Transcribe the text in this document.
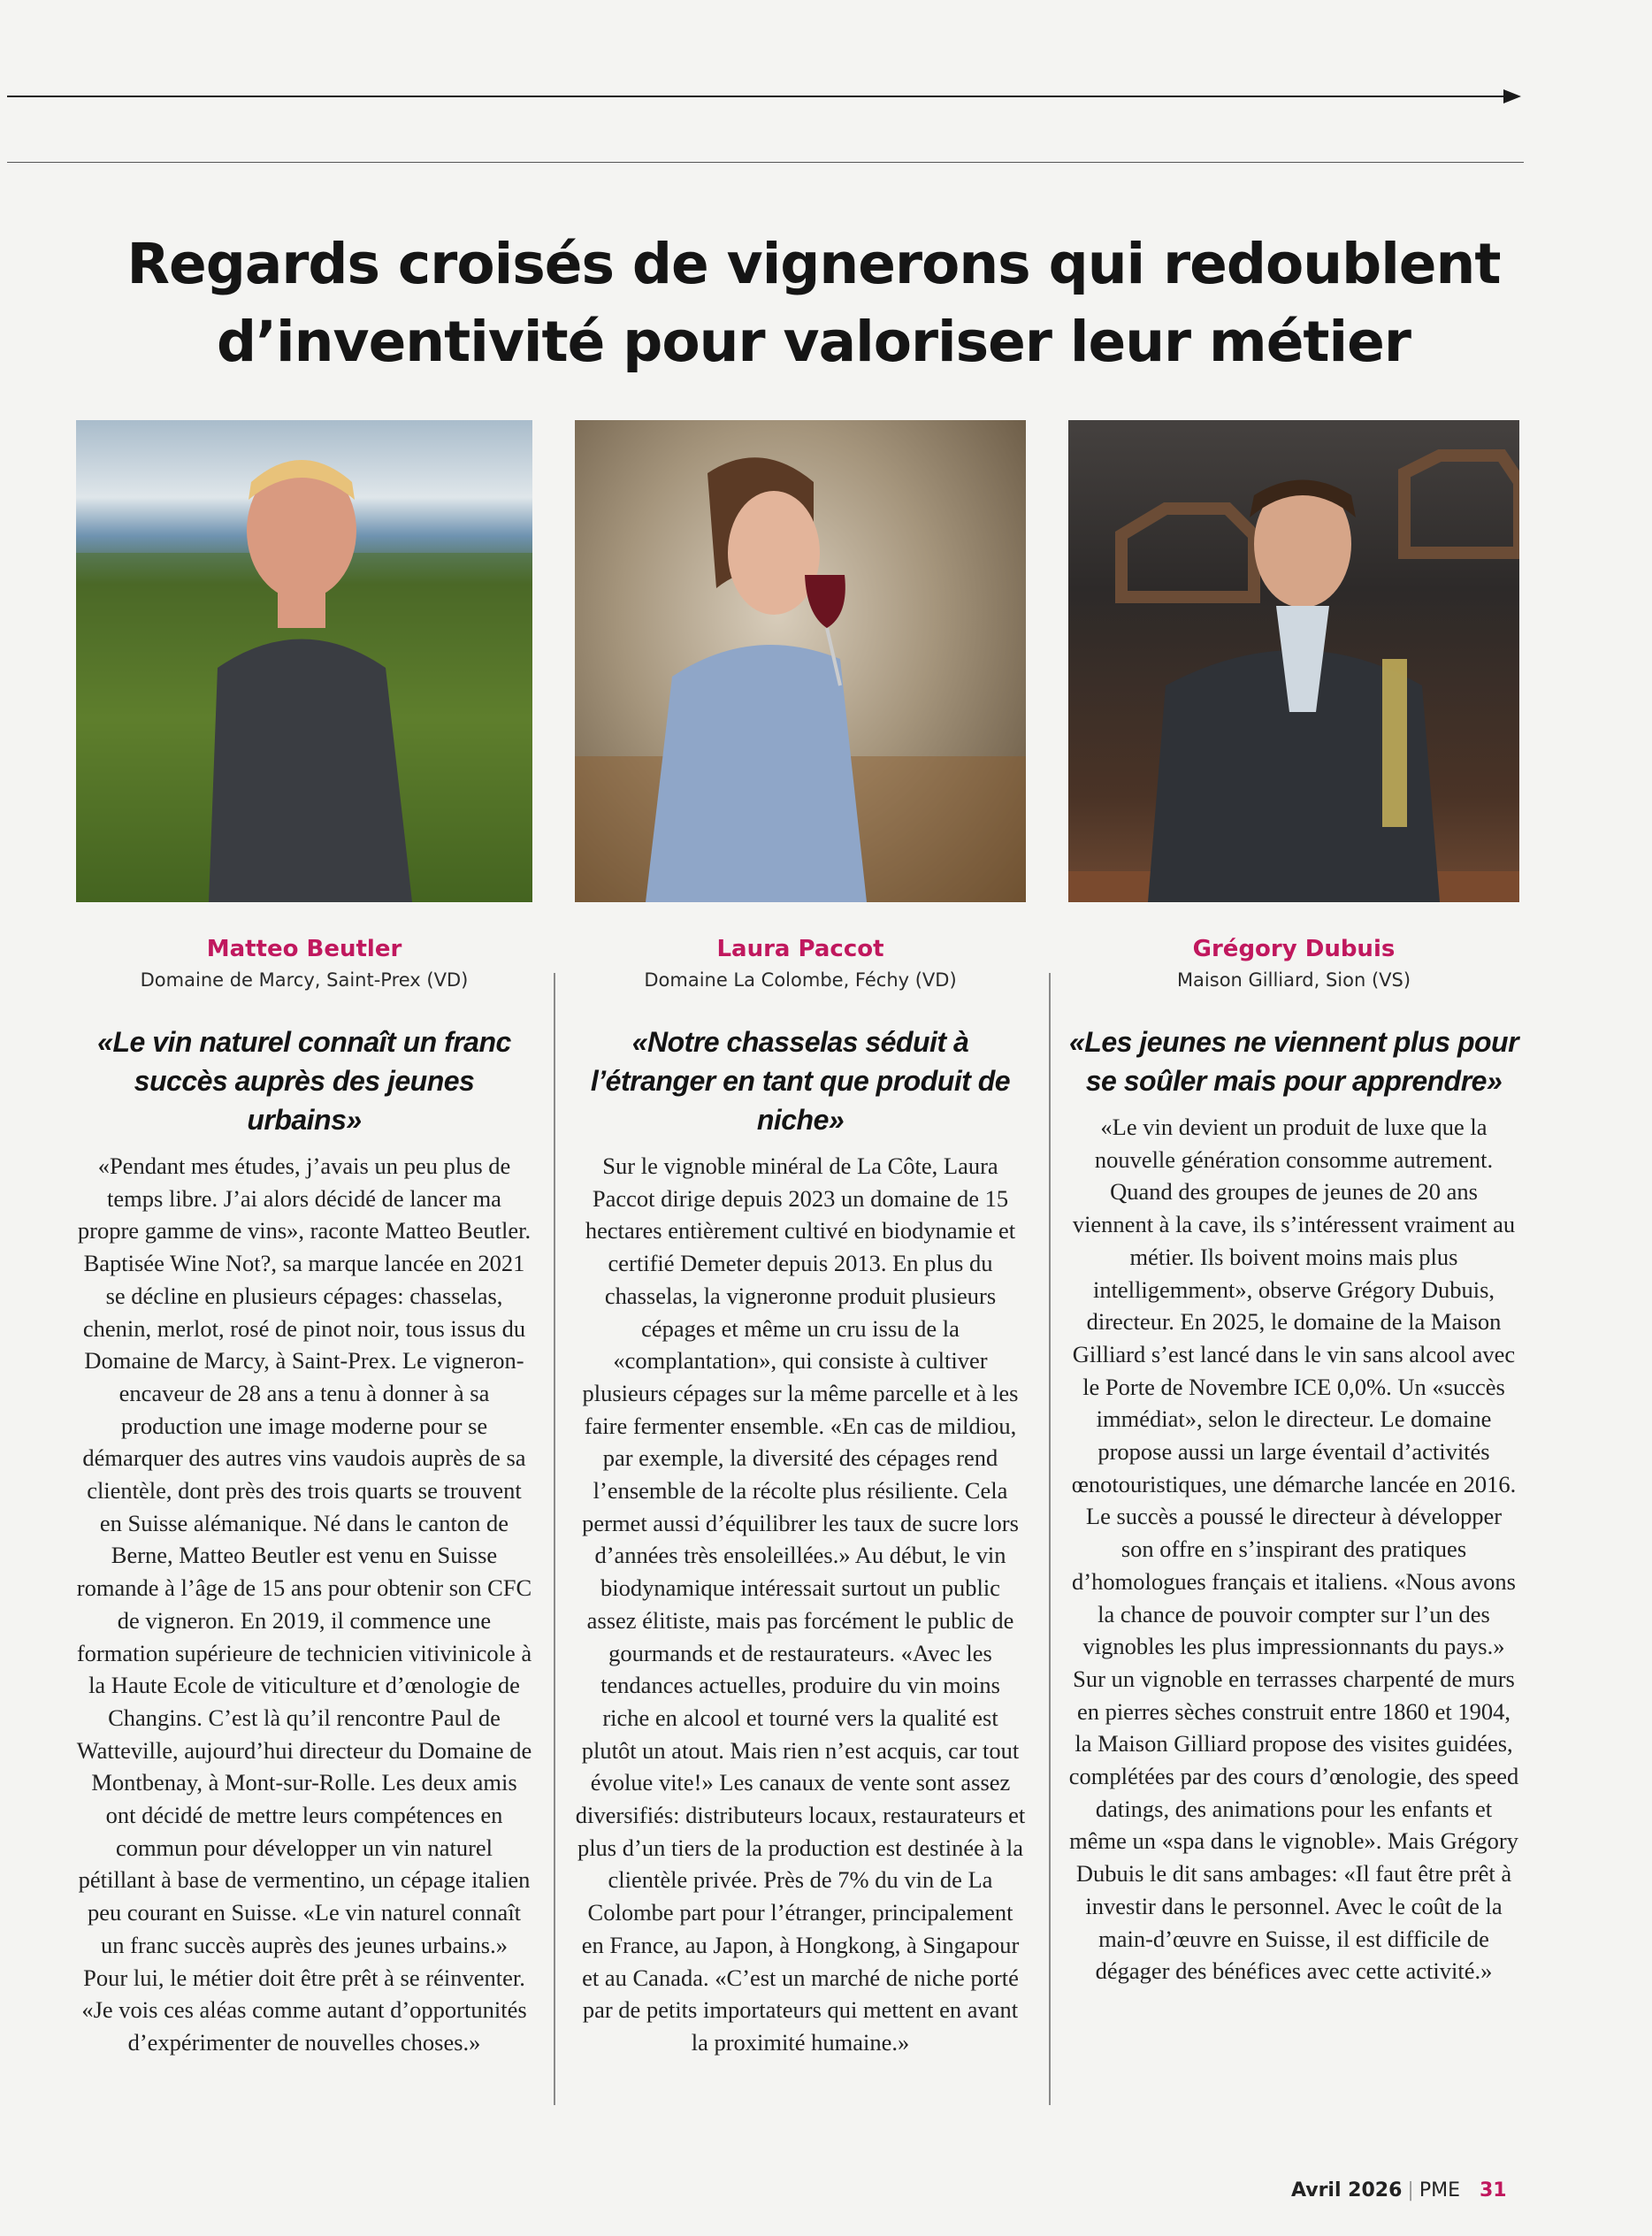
Regards croisés de vignerons qui redoublent d’inventivité pour valoriser leur métier

Matteo Beutler

Domaine de Marcy, Saint-Prex (VD)

«Le vin naturel connaît un franc succès auprès des jeunes urbains»

«Pendant mes études, j’avais un peu plus de temps libre. J’ai alors décidé de lancer ma propre gamme de vins», raconte Matteo Beutler. Baptisée Wine Not?, sa marque lancée en 2021 se décline en plusieurs cépages: chasselas, chenin, merlot, rosé de pinot noir, tous issus du Domaine de Marcy, à Saint-Prex. Le vigneron-encaveur de 28 ans a tenu à donner à sa production une image moderne pour se démarquer des autres vins vaudois auprès de sa clientèle, dont près des trois quarts se trouvent en Suisse alémanique. Né dans le canton de Berne, Matteo Beutler est venu en Suisse romande à l’âge de 15 ans pour obtenir son CFC de vigneron. En 2019, il commence une formation supérieure de technicien vitivinicole à la Haute Ecole de viticulture et d’œnologie de Changins. C’est là qu’il rencontre Paul de Watteville, aujourd’hui directeur du Domaine de Montbenay, à Mont-sur-Rolle. Les deux amis ont décidé de mettre leurs compétences en commun pour développer un vin naturel pétillant à base de vermentino, un cépage italien peu courant en Suisse. «Le vin naturel connaît un franc succès auprès des jeunes urbains.» Pour lui, le métier doit être prêt à se réinventer. «Je vois ces aléas comme autant d’opportunités d’expérimenter de nouvelles choses.»

Laura Paccot

Domaine La Colombe, Féchy (VD)

«Notre chasselas séduit à l’étranger en tant que produit de niche»

Sur le vignoble minéral de La Côte, Laura Paccot dirige depuis 2023 un domaine de 15 hectares entièrement cultivé en biodynamie et certifié Demeter depuis 2013. En plus du chasselas, la vigneronne produit plusieurs cépages et même un cru issu de la «complantation», qui consiste à cultiver plusieurs cépages sur la même parcelle et à les faire fermenter ensemble. «En cas de mildiou, par exemple, la diversité des cépages rend l’ensemble de la récolte plus résiliente. Cela permet aussi d’équilibrer les taux de sucre lors d’années très ensoleillées.» Au début, le vin biodynamique intéressait surtout un public assez élitiste, mais pas forcément le public de gourmands et de restaurateurs. «Avec les tendances actuelles, produire du vin moins riche en alcool et tourné vers la qualité est plutôt un atout. Mais rien n’est acquis, car tout évolue vite!» Les canaux de vente sont assez diversifiés: distributeurs locaux, restaurateurs et plus d’un tiers de la production est destinée à la clientèle privée. Près de 7% du vin de La Colombe part pour l’étranger, principalement en France, au Japon, à Hongkong, à Singapour et au Canada. «C’est un marché de niche porté par de petits importateurs qui mettent en avant la proximité humaine.»

Grégory Dubuis

Maison Gilliard, Sion (VS)

«Les jeunes ne viennent plus pour se soûler mais pour apprendre»

«Le vin devient un produit de luxe que la nouvelle génération consomme autrement. Quand des groupes de jeunes de 20 ans viennent à la cave, ils s’intéressent vraiment au métier. Ils boivent moins mais plus intelligemment», observe Grégory Dubuis, directeur. En 2025, le domaine de la Maison Gilliard s’est lancé dans le vin sans alcool avec le Porte de Novembre ICE 0,0%. Un «succès immédiat», selon le directeur. Le domaine propose aussi un large éventail d’activités œnotouristiques, une démarche lancée en 2016. Le succès a poussé le directeur à développer son offre en s’inspirant des pratiques d’homologues français et italiens. «Nous avons la chance de pouvoir compter sur l’un des vignobles les plus impressionnants du pays.» Sur un vignoble en terrasses charpenté de murs en pierres sèches construit entre 1860 et 1904, la Maison Gilliard propose des visites guidées, complétées par des cours d’œnologie, des speed datings, des animations pour les enfants et même un «spa dans le vignoble». Mais Grégory Dubuis le dit sans ambages: «Il faut être prêt à investir dans le personnel. Avec le coût de la main-d’œuvre en Suisse, il est difficile de dégager des bénéfices avec cette activité.»

Avril 2026 | PME 31
